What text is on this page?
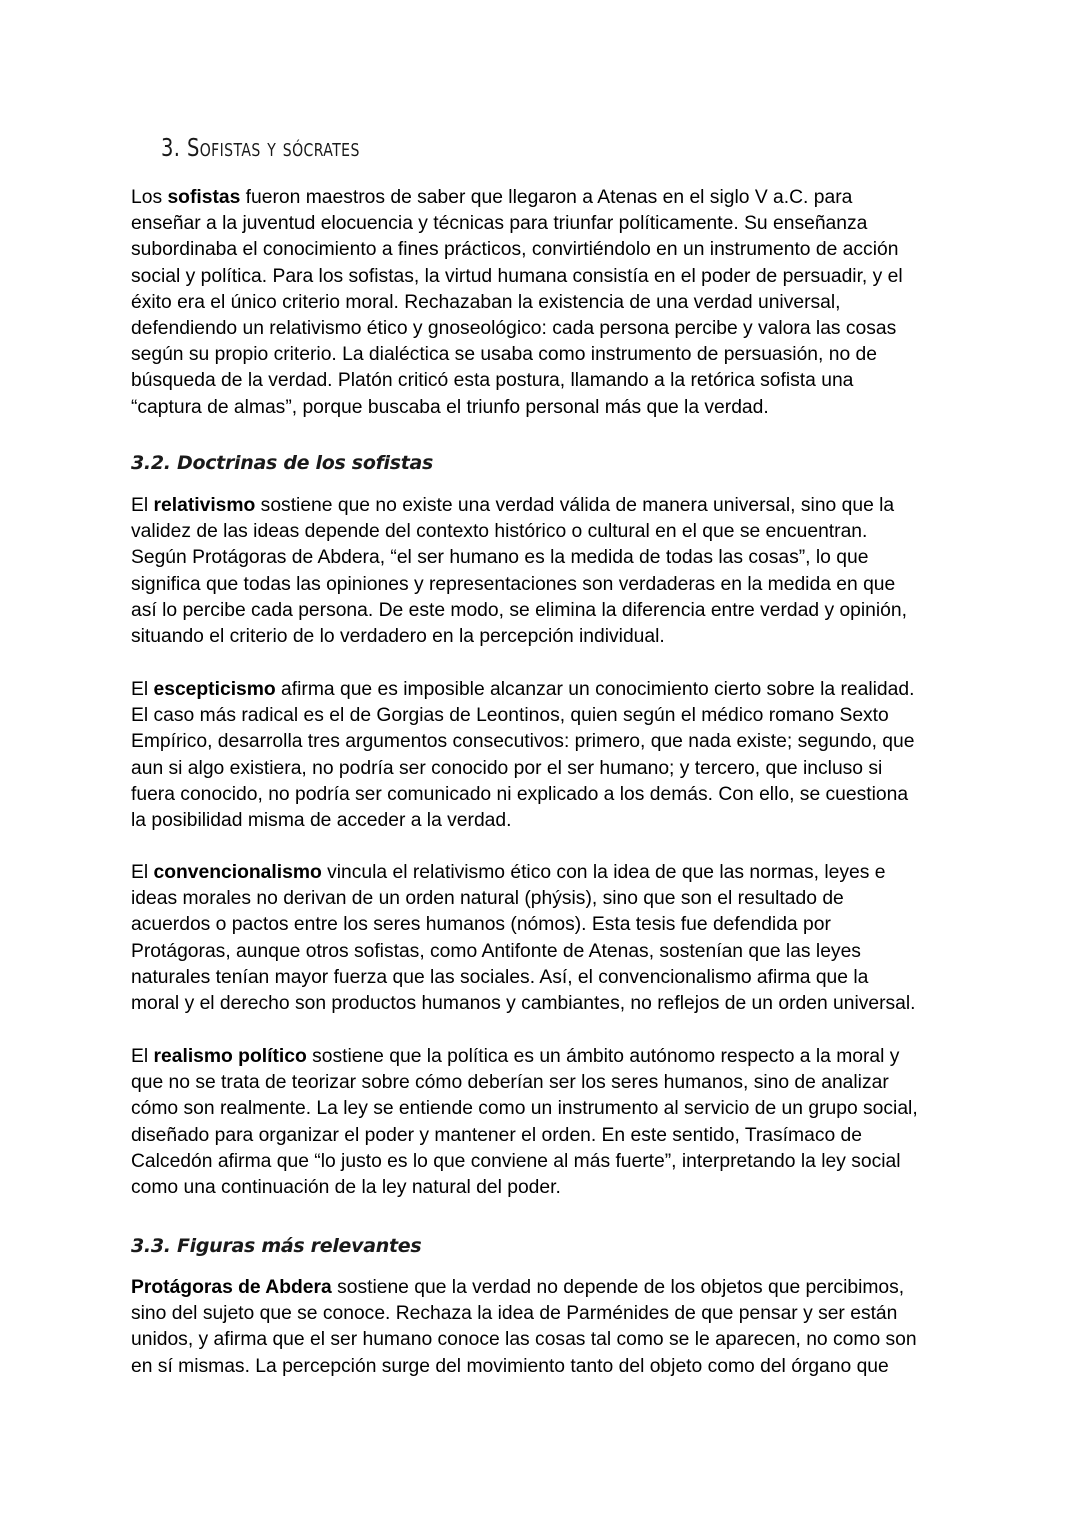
3. Sofistas y sócrates

Los sofistas fueron maestros de saber que llegaron a Atenas en el siglo V a.C. para
enseñar a la juventud elocuencia y técnicas para triunfar políticamente. Su enseñanza
subordinaba el conocimiento a fines prácticos, convirtiéndolo en un instrumento de acción
social y política. Para los sofistas, la virtud humana consistía en el poder de persuadir, y el
éxito era el único criterio moral. Rechazaban la existencia de una verdad universal,
defendiendo un relativismo ético y gnoseológico: cada persona percibe y valora las cosas
según su propio criterio. La dialéctica se usaba como instrumento de persuasión, no de
búsqueda de la verdad. Platón criticó esta postura, llamando a la retórica sofista una
“captura de almas”, porque buscaba el triunfo personal más que la verdad.

3.2. Doctrinas de los sofistas

El relativismo sostiene que no existe una verdad válida de manera universal, sino que la
validez de las ideas depende del contexto histórico o cultural en el que se encuentran.
Según Protágoras de Abdera, “el ser humano es la medida de todas las cosas”, lo que
significa que todas las opiniones y representaciones son verdaderas en la medida en que
así lo percibe cada persona. De este modo, se elimina la diferencia entre verdad y opinión,
situando el criterio de lo verdadero en la percepción individual.

El escepticismo afirma que es imposible alcanzar un conocimiento cierto sobre la realidad.
El caso más radical es el de Gorgias de Leontinos, quien según el médico romano Sexto
Empírico, desarrolla tres argumentos consecutivos: primero, que nada existe; segundo, que
aun si algo existiera, no podría ser conocido por el ser humano; y tercero, que incluso si
fuera conocido, no podría ser comunicado ni explicado a los demás. Con ello, se cuestiona
la posibilidad misma de acceder a la verdad.

El convencionalismo vincula el relativismo ético con la idea de que las normas, leyes e
ideas morales no derivan de un orden natural (phýsis), sino que son el resultado de
acuerdos o pactos entre los seres humanos (nómos). Esta tesis fue defendida por
Protágoras, aunque otros sofistas, como Antifonte de Atenas, sostenían que las leyes
naturales tenían mayor fuerza que las sociales. Así, el convencionalismo afirma que la
moral y el derecho son productos humanos y cambiantes, no reflejos de un orden universal.

El realismo político sostiene que la política es un ámbito autónomo respecto a la moral y
que no se trata de teorizar sobre cómo deberían ser los seres humanos, sino de analizar
cómo son realmente. La ley se entiende como un instrumento al servicio de un grupo social,
diseñado para organizar el poder y mantener el orden. En este sentido, Trasímaco de
Calcedón afirma que “lo justo es lo que conviene al más fuerte”, interpretando la ley social
como una continuación de la ley natural del poder.

3.3. Figuras más relevantes

Protágoras de Abdera sostiene que la verdad no depende de los objetos que percibimos,
sino del sujeto que se conoce. Rechaza la idea de Parménides de que pensar y ser están
unidos, y afirma que el ser humano conoce las cosas tal como se le aparecen, no como son
en sí mismas. La percepción surge del movimiento tanto del objeto como del órgano que
